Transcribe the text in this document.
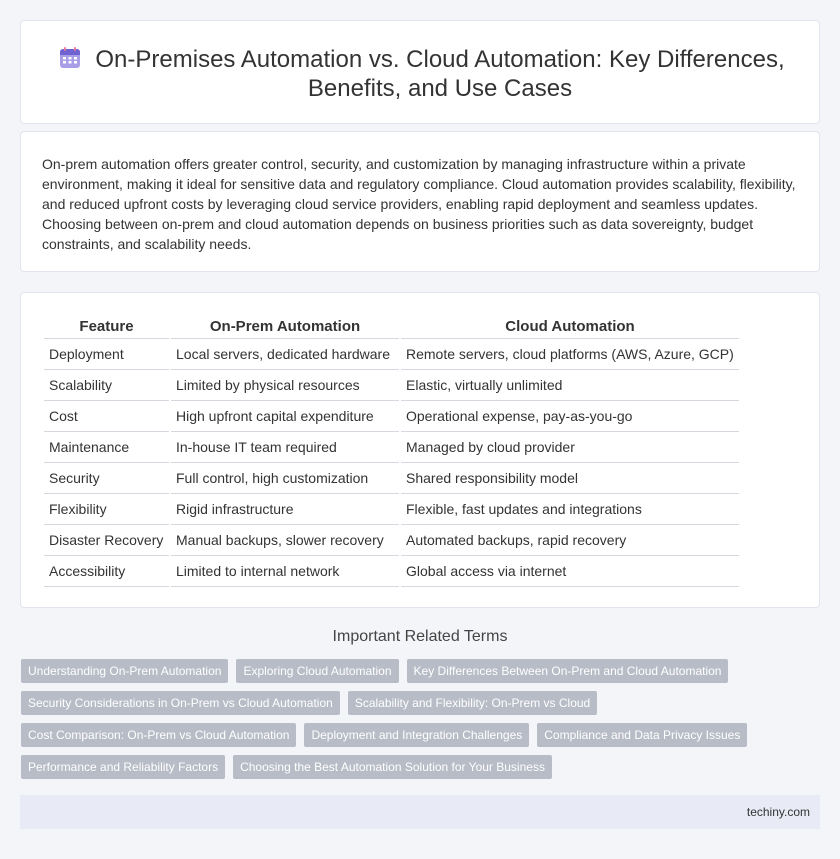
On-Premises Automation vs. Cloud Automation: Key Differences, Benefits, and Use Cases

On-prem automation offers greater control, security, and customization by managing infrastructure within a private environment, making it ideal for sensitive data and regulatory compliance. Cloud automation provides scalability, flexibility, and reduced upfront costs by leveraging cloud service providers, enabling rapid deployment and seamless updates. Choosing between on-prem and cloud automation depends on business priorities such as data sovereignty, budget constraints, and scalability needs.

Feature	On-Prem Automation	Cloud Automation
Deployment	Local servers, dedicated hardware	Remote servers, cloud platforms (AWS, Azure, GCP)
Scalability	Limited by physical resources	Elastic, virtually unlimited
Cost	High upfront capital expenditure	Operational expense, pay-as-you-go
Maintenance	In-house IT team required	Managed by cloud provider
Security	Full control, high customization	Shared responsibility model
Flexibility	Rigid infrastructure	Flexible, fast updates and integrations
Disaster Recovery	Manual backups, slower recovery	Automated backups, rapid recovery
Accessibility	Limited to internal network	Global access via internet
Important Related Terms
Understanding On-Prem Automation	Exploring Cloud Automation	Key Differences Between On-Prem and Cloud Automation
Security Considerations in On-Prem vs Cloud Automation	Scalability and Flexibility: On-Prem vs Cloud
Cost Comparison: On-Prem vs Cloud Automation	Deployment and Integration Challenges	Compliance and Data Privacy Issues
Performance and Reliability Factors	Choosing the Best Automation Solution for Your Business
techiny.com
